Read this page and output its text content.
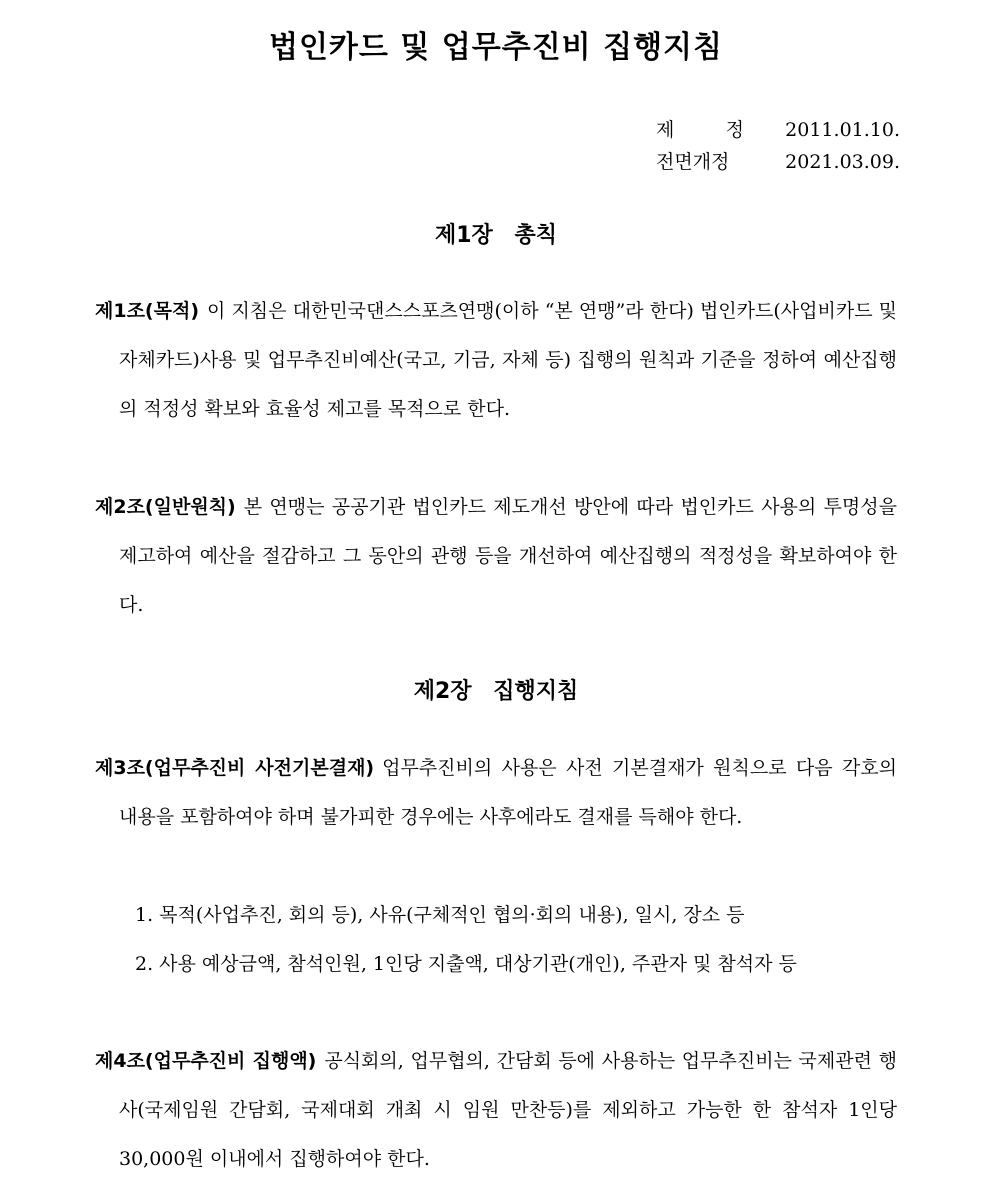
법인카드 및 업무추진비 집행지침
제 정 2011.01.10.
전면개정	2021.03.09.
제1장 총칙

제1조(목적) 이 지침은 대한민국댄스스포츠연맹(이하 “본 연맹”라 한다) 법인카드(사업비카드 및 자체카드)사용 및 업무추진비예산(국고, 기금, 자체 등) 집행의 원칙과 기준을 정하여 예산집행의 적정성 확보와 효율성 제고를 목적으로 한다.

제2조(일반원칙) 본 연맹는 공공기관 법인카드 제도개선 방안에 따라 법인카드 사용의 투명성을 제고하여 예산을 절감하고 그 동안의 관행 등을 개선하여 예산집행의 적정성을 확보하여야 한다.

제2장 집행지침

제3조(업무추진비 사전기본결재) 업무추진비의 사용은 사전 기본결재가 원칙으로 다음 각호의 내용을 포함하여야 하며 불가피한 경우에는 사후에라도 결재를 득해야 한다.

1. 목적(사업추진, 회의 등), 사유(구체적인 협의·회의 내용), 일시, 장소 등

2. 사용 예상금액, 참석인원, 1인당 지출액, 대상기관(개인), 주관자 및 참석자 등

제4조(업무추진비 집행액) 공식회의, 업무협의, 간담회 등에 사용하는 업무추진비는 국제관련 행사(국제임원 간담회, 국제대회 개최 시 임원 만찬등)를 제외하고 가능한 한 참석자 1인당 30,000원 이내에서 집행하여야 한다.
